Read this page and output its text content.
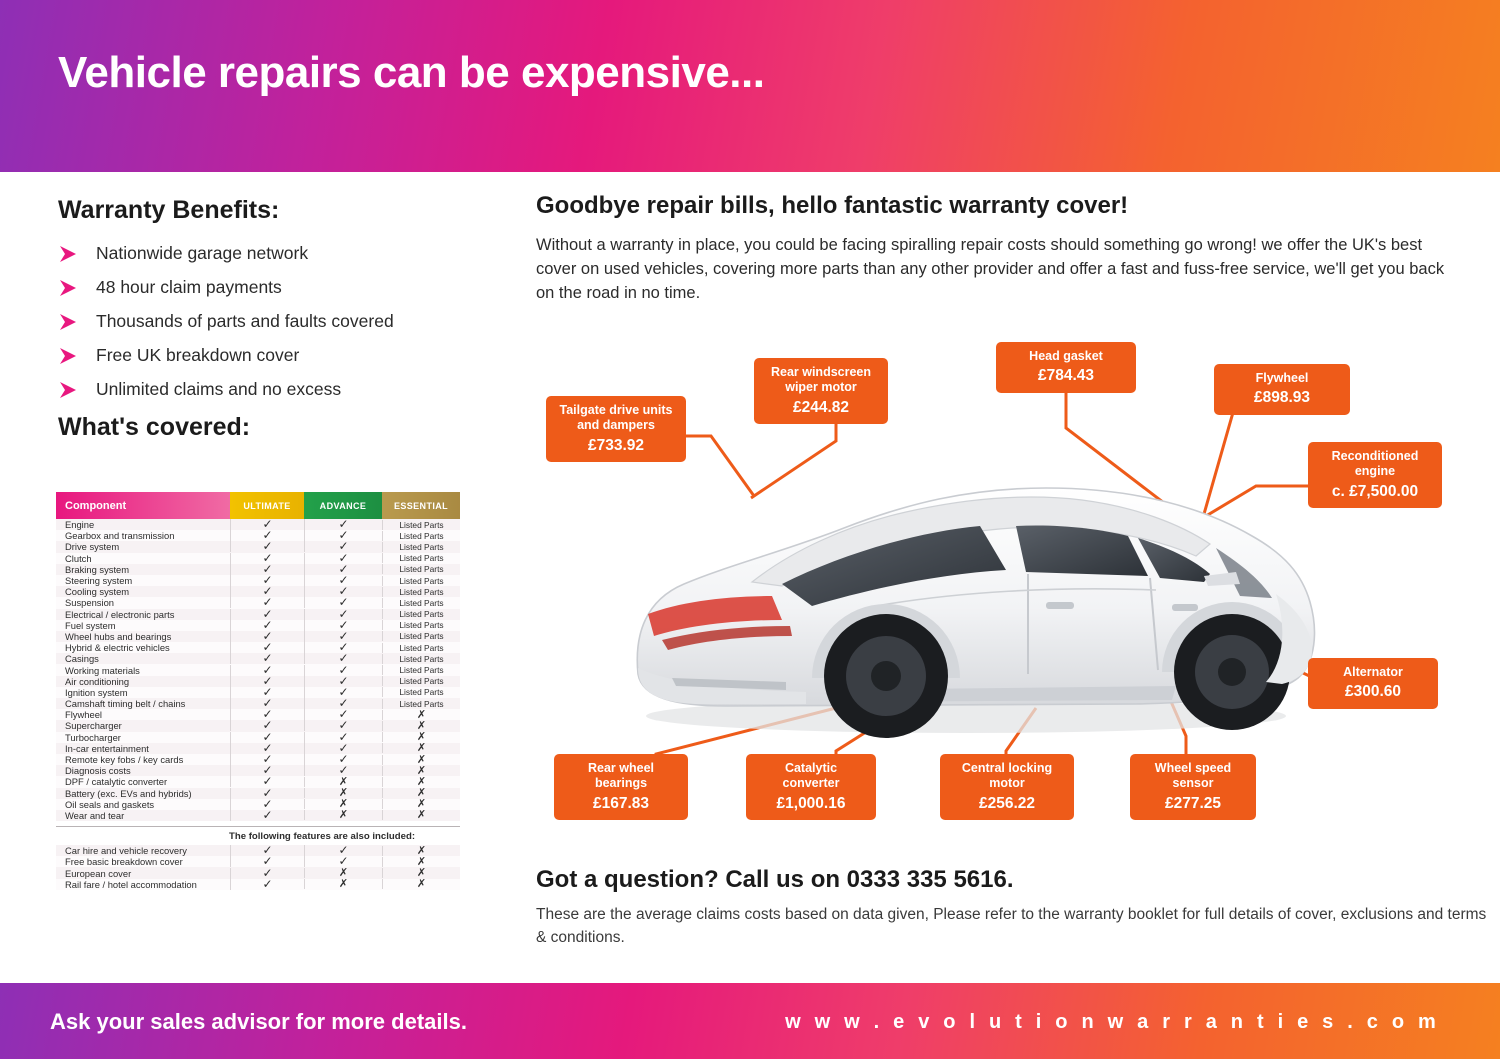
Vehicle repairs can be expensive...
Warranty Benefits:
Nationwide garage network
48 hour claim payments
Thousands of parts and faults covered
Free UK breakdown cover
Unlimited claims and no excess
What's covered:
Component	ULTIMATE	ADVANCE	ESSENTIAL
Engine	✓	✓	Listed Parts
Gearbox and transmission	✓	✓	Listed Parts
Drive system	✓	✓	Listed Parts
Clutch	✓	✓	Listed Parts
Braking system	✓	✓	Listed Parts
Steering system	✓	✓	Listed Parts
Cooling system	✓	✓	Listed Parts
Suspension	✓	✓	Listed Parts
Electrical / electronic parts	✓	✓	Listed Parts
Fuel system	✓	✓	Listed Parts
Wheel hubs and bearings	✓	✓	Listed Parts
Hybrid & electric vehicles	✓	✓	Listed Parts
Casings	✓	✓	Listed Parts
Working materials	✓	✓	Listed Parts
Air conditioning	✓	✓	Listed Parts
Ignition system	✓	✓	Listed Parts
Camshaft timing belt / chains	✓	✓	Listed Parts
Flywheel	✓	✓	✗
Supercharger	✓	✓	✗
Turbocharger	✓	✓	✗
In-car entertainment	✓	✓	✗
Remote key fobs / key cards	✓	✓	✗
Diagnosis costs	✓	✓	✗
DPF / catalytic converter	✓	✗	✗
Battery (exc. EVs and hybrids)	✓	✗	✗
Oil seals and gaskets	✓	✗	✗
Wear and tear	✓	✗	✗
The following features are also included:
Car hire and vehicle recovery	✓	✓	✗
Free basic breakdown cover	✓	✓	✗
European cover	✓	✗	✗
Rail fare / hotel accommodation	✓	✗	✗
Goodbye repair bills, hello fantastic warranty cover!

Without a warranty in place, you could be facing spiralling repair costs should something go wrong! we offer the UK's best cover on used vehicles, covering more parts than any other provider and offer a fast and fuss-free service, we'll get you back on the road in no time.

Tailgate drive units and dampers
£733.92
Rear windscreen wiper motor
£244.82
Head gasket
£784.43	Flywheel
£898.93
Reconditioned engine
c. £7,500.00
Alternator
£300.60
Rear wheel bearings
£167.83
Catalytic converter
£1,000.16
Central locking motor
£256.22
Wheel speed sensor
£277.25
Got a question? Call us on 0333 335 5616.
These are the average claims costs based on data given, Please refer to the warranty booklet for full details of cover, exclusions and terms & conditions.
Ask your sales advisor for more details.	w w w . e v o l u t i o n w a r r a n t i e s . c o m
